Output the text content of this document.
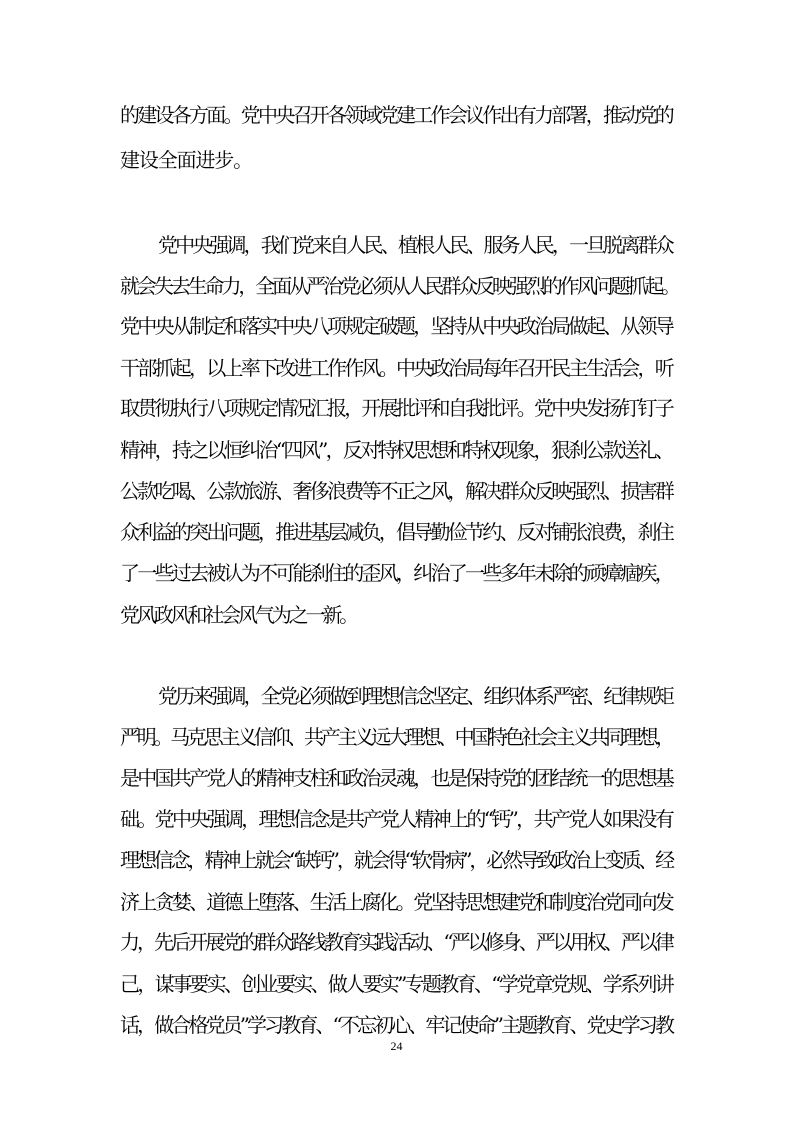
的建设各方面。党中央召开各领域党建工作会议作出有力部署，推动党的
建设全面进步。
党中央强调，我们党来自人民、植根人民、服务人民，一旦脱离群众
就会失去生命力，全面从严治党必须从人民群众反映强烈的作风问题抓起。
党中央从制定和落实中央八项规定破题，坚持从中央政治局做起、从领导
干部抓起，以上率下改进工作作风。中央政治局每年召开民主生活会，听
取贯彻执行八项规定情况汇报，开展批评和自我批评。党中央发扬钉钉子
精神，持之以恒纠治“四风”，反对特权思想和特权现象，狠刹公款送礼、
公款吃喝、公款旅游、奢侈浪费等不正之风，解决群众反映强烈、损害群
众利益的突出问题，推进基层减负，倡导勤俭节约、反对铺张浪费，刹住
了一些过去被认为不可能刹住的歪风，纠治了一些多年未除的顽瘴痼疾，
党风政风和社会风气为之一新。
党历来强调，全党必须做到理想信念坚定、组织体系严密、纪律规矩
严明。马克思主义信仰、共产主义远大理想、中国特色社会主义共同理想，
是中国共产党人的精神支柱和政治灵魂，也是保持党的团结统一的思想基
础。党中央强调，理想信念是共产党人精神上的“钙”，共产党人如果没有
理想信念，精神上就会“缺钙”，就会得“软骨病”，必然导致政治上变质、经
济上贪婪、道德上堕落、生活上腐化。党坚持思想建党和制度治党同向发
力，先后开展党的群众路线教育实践活动、“严以修身、严以用权、严以律
己，谋事要实、创业要实、做人要实”专题教育、“学党章党规、学系列讲
话，做合格党员”学习教育、“不忘初心、牢记使命”主题教育、党史学习教
24
